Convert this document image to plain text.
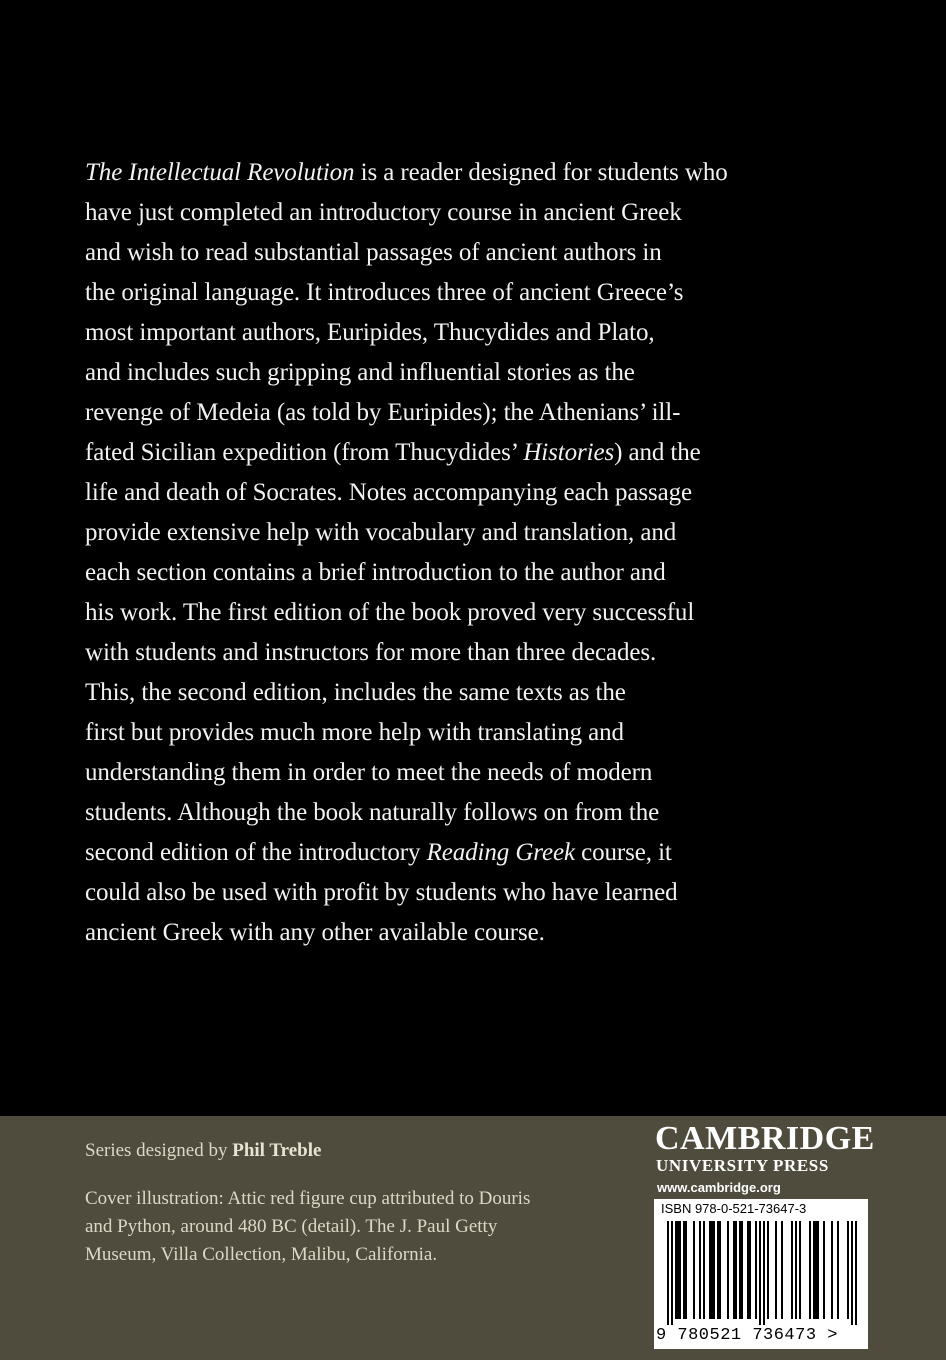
The Intellectual Revolution is a reader designed for students who
have just completed an introductory course in ancient Greek
and wish to read substantial passages of ancient authors in
the original language. It introduces three of ancient Greece’s
most important authors, Euripides, Thucydides and Plato,
and includes such gripping and influential stories as the
revenge of Medeia (as told by Euripides); the Athenians’ ill-
fated Sicilian expedition (from Thucydides’ Histories) and the
life and death of Socrates. Notes accompanying each passage
provide extensive help with vocabulary and translation, and
each section contains a brief introduction to the author and
his work. The first edition of the book proved very successful
with students and instructors for more than three decades.
This, the second edition, includes the same texts as the
first but provides much more help with translating and
understanding them in order to meet the needs of modern
students. Although the book naturally follows on from the
second edition of the introductory Reading Greek course, it
could also be used with profit by students who have learned
ancient Greek with any other available course.

Series designed by Phil Treble

Cover illustration: Attic red figure cup attributed to Douris
and Python, around 480 BC (detail). The J. Paul Getty
Museum, Villa Collection, Malibu, California.

CAMBRIDGE
UNIVERSITY PRESS
www.cambridge.org
ISBN 978-0-521-73647-3
9 780521 736473 >
